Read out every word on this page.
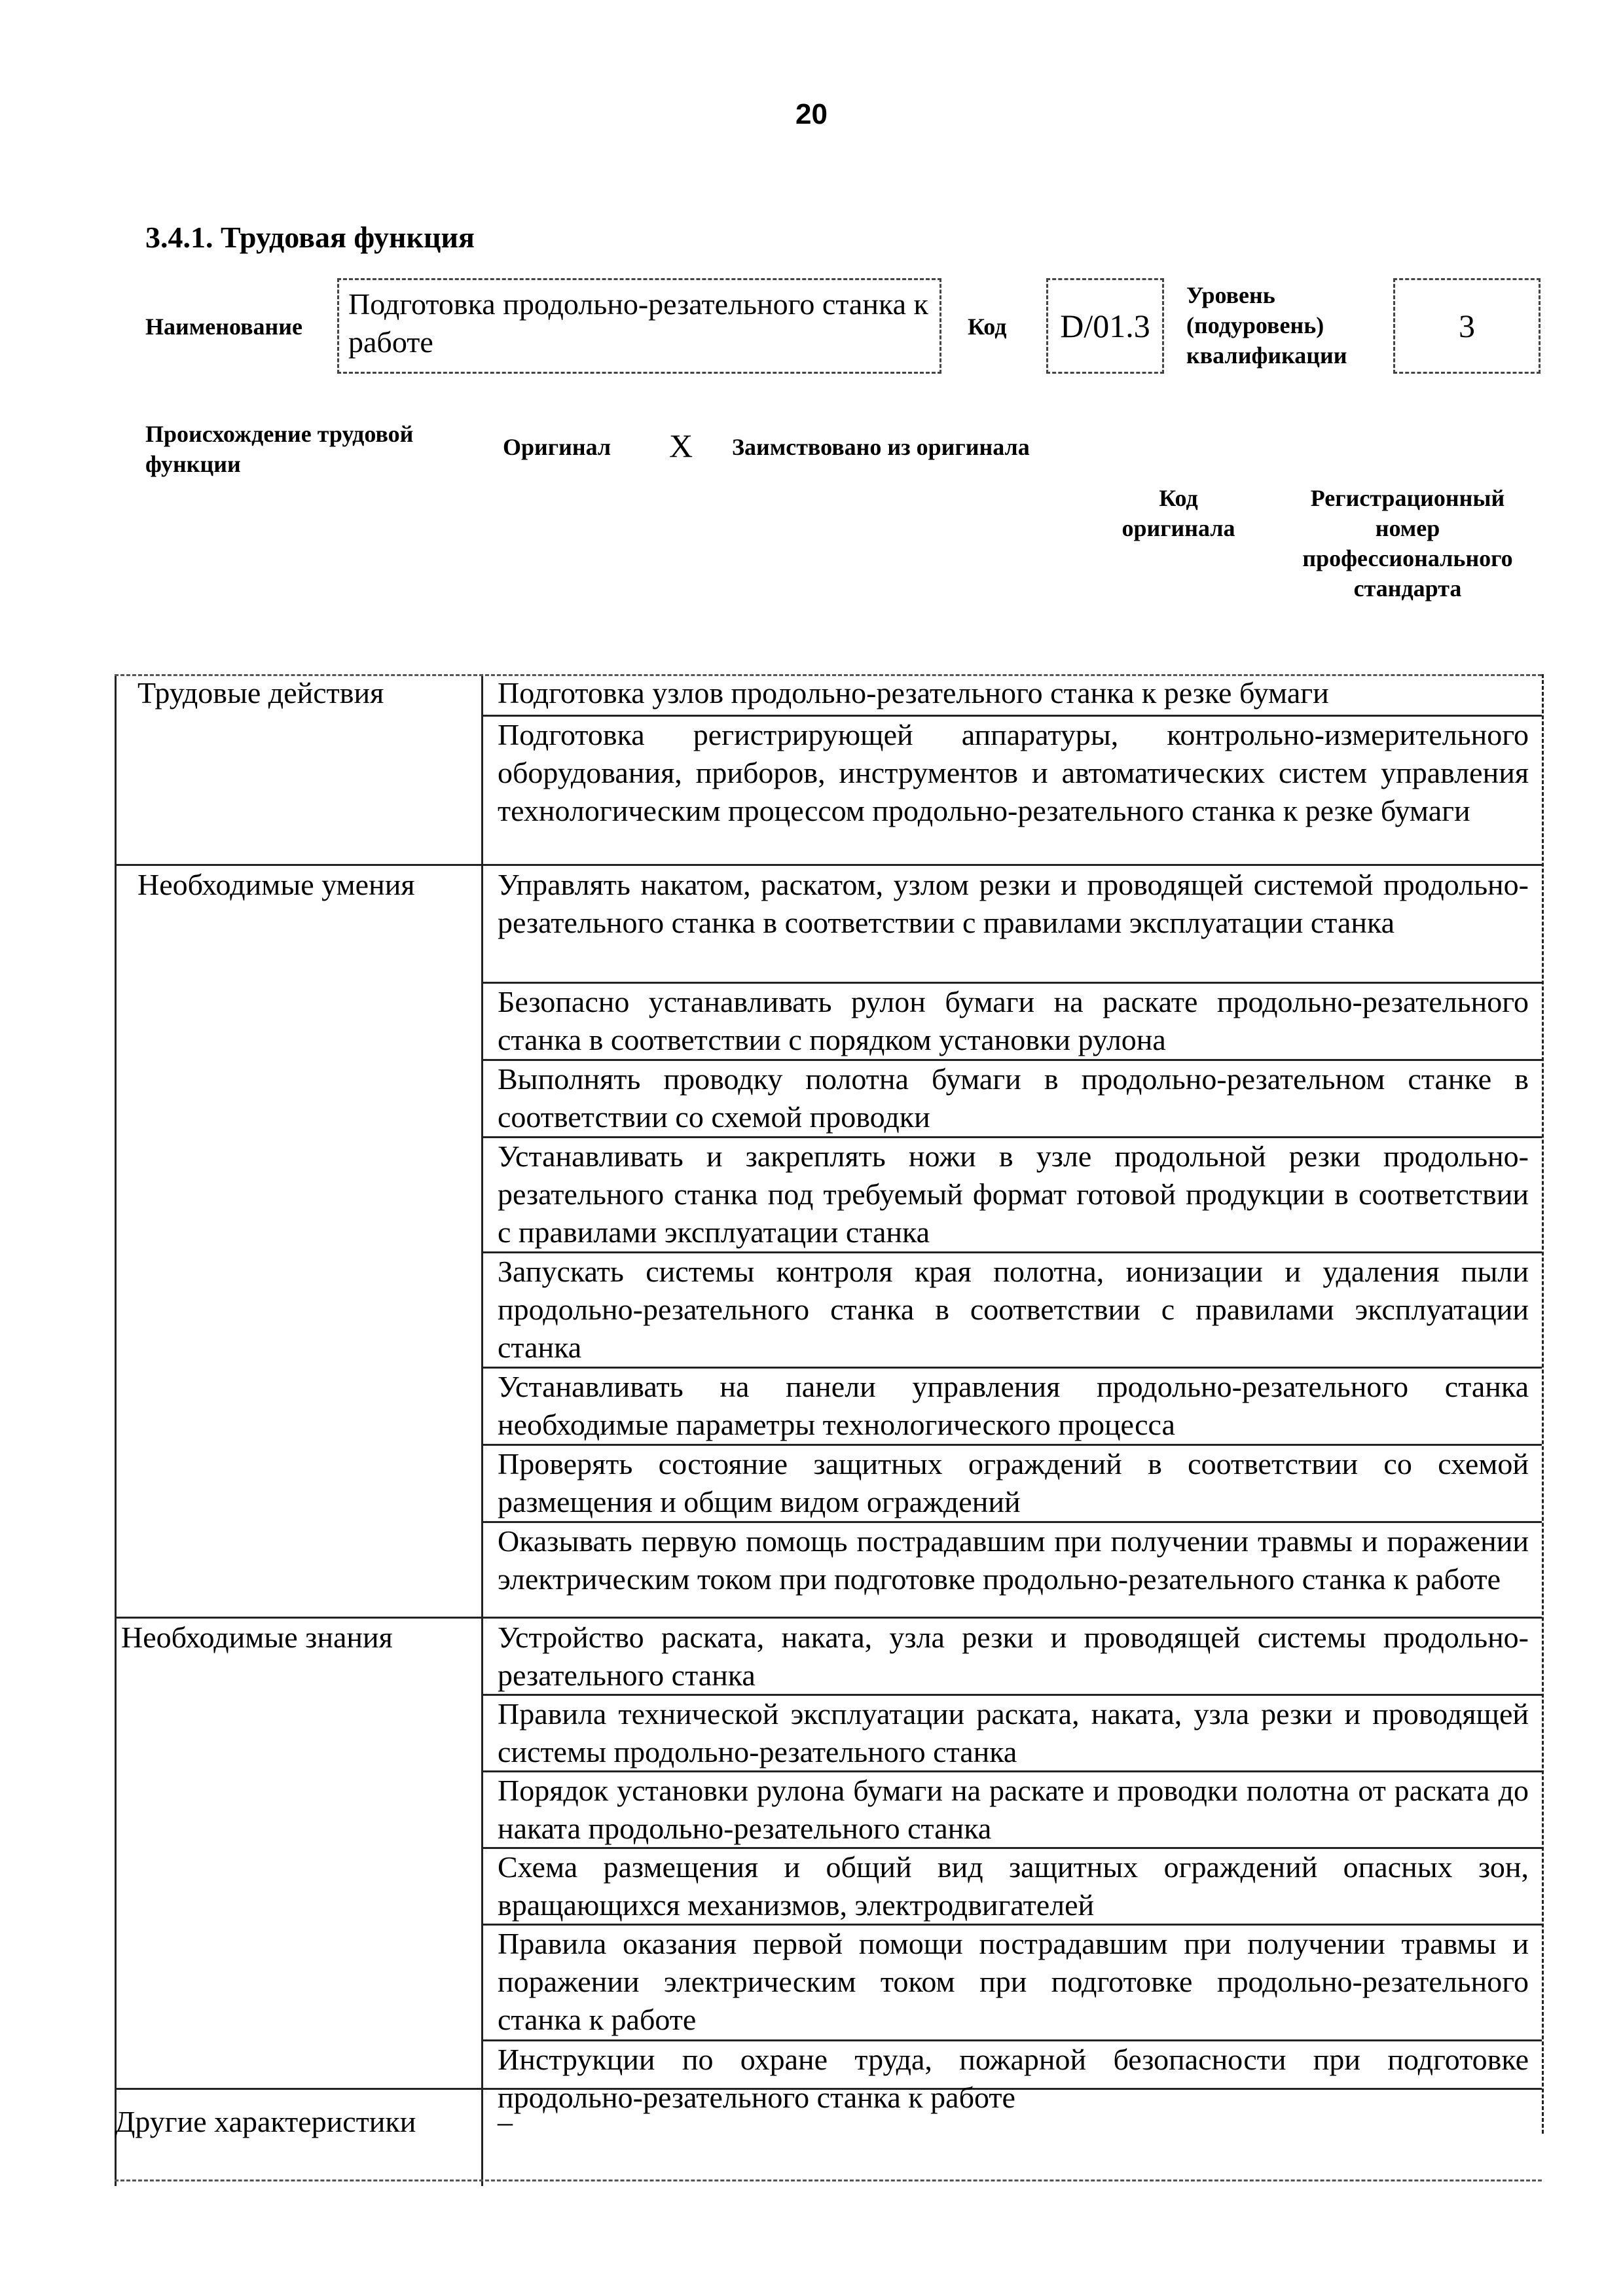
20
3.4.1. Трудовая функция
Наименование
Подготовка продольно-резательного станка к работе	Код D/01.3
Уровень
(подуровень)
квалификации
3
Происхождение трудовой
функции
Оригинал X Заимствовано из оригинала
Код
оригинала
Регистрационный
номер
профессионального
стандарта
Трудовые действия
Необходимые умения
Необходимые знания
Другие характеристики
Подготовка узлов продольно-резательного станка к резке бумаги
Подготовка регистрирующей аппаратуры, контрольно-измерительного оборудования, приборов, инструментов и автоматических систем управления технологическим процессом продольно-резательного станка к резке бумаги
Управлять накатом, раскатом, узлом резки и проводящей системой продольно-резательного станка в соответствии с правилами эксплуатации станка
Безопасно устанавливать рулон бумаги на раскате продольно-резательного станка в соответствии с порядком установки рулона
Выполнять проводку полотна бумаги в продольно-резательном станке в соответствии со схемой проводки
Устанавливать и закреплять ножи в узле продольной резки продольно-резательного станка под требуемый формат готовой продукции в соответствии с правилами эксплуатации станка
Запускать системы контроля края полотна, ионизации и удаления пыли продольно-резательного станка в соответствии с правилами эксплуатации станка
Устанавливать на панели управления продольно-резательного станка необходимые параметры технологического процесса
Проверять состояние защитных ограждений в соответствии со схемой размещения и общим видом ограждений
Оказывать первую помощь пострадавшим при получении травмы и поражении электрическим током при подготовке продольно-резательного станка к работе
Устройство раската, наката, узла резки и проводящей системы продольно-резательного станка
Правила технической эксплуатации раската, наката, узла резки и проводящей системы продольно-резательного станка
Порядок установки рулона бумаги на раскате и проводки полотна от раската до наката продольно-резательного станка
Схема размещения и общий вид защитных ограждений опасных зон, вращающихся механизмов, электродвигателей
Правила оказания первой помощи пострадавшим при получении травмы и поражении электрическим током при подготовке продольно-резательного станка к работе
Инструкции по охране труда, пожарной безопасности при подготовке продольно-резательного станка к работе
–
